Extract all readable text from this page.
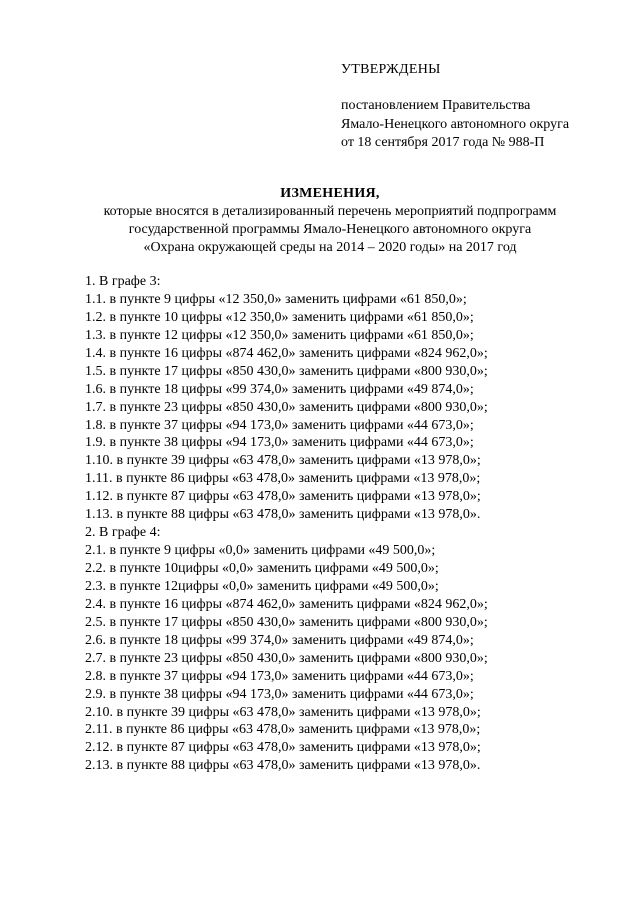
УТВЕРЖДЕНЫ
постановлением Правительства
Ямало-Ненецкого автономного округа
от 18 сентября 2017 года № 988-П
ИЗМЕНЕНИЯ,
которые вносятся в детализированный перечень мероприятий подпрограмм
государственной программы Ямало-Ненецкого автономного округа
«Охрана окружающей среды на 2014 – 2020 годы» на 2017 год
1. В графе 3:
1.1. в пункте 9 цифры «12 350,0» заменить цифрами «61 850,0»;
1.2. в пункте 10 цифры «12 350,0» заменить цифрами «61 850,0»;
1.3. в пункте 12 цифры «12 350,0» заменить цифрами «61 850,0»;
1.4. в пункте 16 цифры «874 462,0» заменить цифрами «824 962,0»;
1.5. в пункте 17 цифры «850 430,0» заменить цифрами «800 930,0»;
1.6. в пункте 18 цифры «99 374,0» заменить цифрами «49 874,0»;
1.7. в пункте 23 цифры «850 430,0» заменить цифрами «800 930,0»;
1.8. в пункте 37 цифры «94 173,0» заменить цифрами «44 673,0»;
1.9. в пункте 38 цифры «94 173,0» заменить цифрами «44 673,0»;
1.10. в пункте 39 цифры «63 478,0» заменить цифрами «13 978,0»;
1.11. в пункте 86 цифры «63 478,0» заменить цифрами «13 978,0»;
1.12. в пункте 87 цифры «63 478,0» заменить цифрами «13 978,0»;
1.13. в пункте 88 цифры «63 478,0» заменить цифрами «13 978,0».
2. В графе 4:
2.1. в пункте 9 цифры «0,0» заменить цифрами «49 500,0»;
2.2. в пункте 10цифры «0,0» заменить цифрами «49 500,0»;
2.3. в пункте 12цифры «0,0» заменить цифрами «49 500,0»;
2.4. в пункте 16 цифры «874 462,0» заменить цифрами «824 962,0»;
2.5. в пункте 17 цифры «850 430,0» заменить цифрами «800 930,0»;
2.6. в пункте 18 цифры «99 374,0» заменить цифрами «49 874,0»;
2.7. в пункте 23 цифры «850 430,0» заменить цифрами «800 930,0»;
2.8. в пункте 37 цифры «94 173,0» заменить цифрами «44 673,0»;
2.9. в пункте 38 цифры «94 173,0» заменить цифрами «44 673,0»;
2.10. в пункте 39 цифры «63 478,0» заменить цифрами «13 978,0»;
2.11. в пункте 86 цифры «63 478,0» заменить цифрами «13 978,0»;
2.12. в пункте 87 цифры «63 478,0» заменить цифрами «13 978,0»;
2.13. в пункте 88 цифры «63 478,0» заменить цифрами «13 978,0».
